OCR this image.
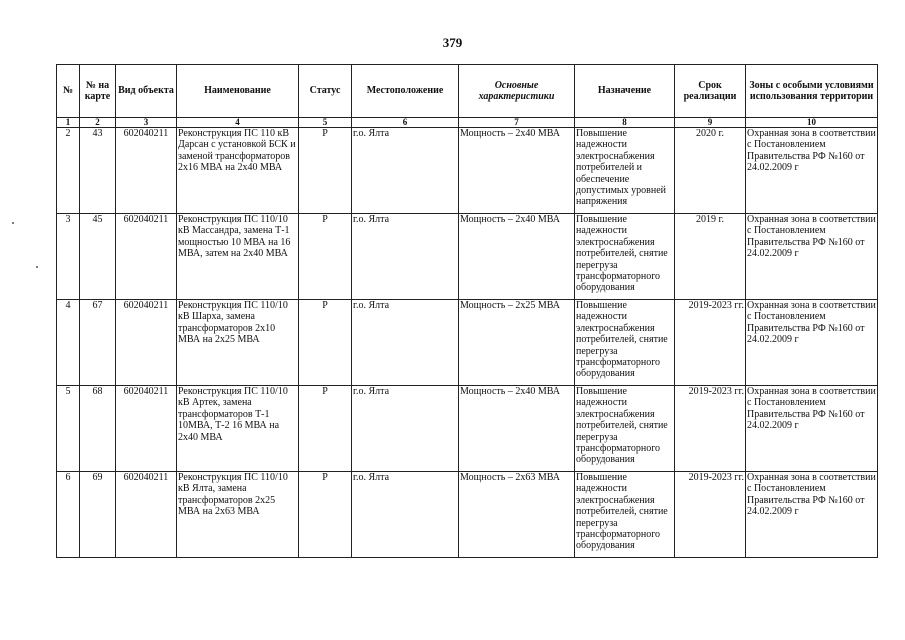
379
№	№ на карте	Вид объекта	Наименование	Статус	Местоположение	Основные характеристики	Назначение	Срок реализации	Зоны с особыми условиями использования территории
1	2	3	4	5	6	7	8	9	10
2	43	602040211	Реконструкция ПС 110 кВ Дарсан с установкой БСК и заменой трансформаторов 2х16 МВА на 2х40 МВА	Р	г.о. Ялта	Мощность – 2х40 МВА	Повышение надежности электроснабжения потребителей и обеспечение допустимых уровней напряжения	2020 г.	Охранная зона в соответствии с Постановлением Правительства РФ №160 от 24.02.2009 г
3	45	602040211	Реконструкция ПС 110/10 кВ Массандра, замена Т-1 мощностью 10 МВА на 16 МВА, затем на 2х40 МВА	Р	г.о. Ялта	Мощность – 2х40 МВА	Повышение надежности электроснабжения потребителей, снятие перегруза трансформаторного оборудования	2019 г.	Охранная зона в соответствии с Постановлением Правительства РФ №160 от 24.02.2009 г
4	67	602040211	Реконструкция ПС 110/10 кВ Шархa, замена трансформаторов 2х10 МВА на 2х25 МВА	Р	г.о. Ялта	Мощность – 2х25 МВА	Повышение надежности электроснабжения потребителей, снятие перегруза трансформаторного оборудования	2019-2023 гг.	Охранная зона в соответствии с Постановлением Правительства РФ №160 от 24.02.2009 г
5	68	602040211	Реконструкция ПС 110/10 кВ Артек, замена трансформаторов Т-1 10МВА, Т-2 16 МВА на 2х40 МВА	Р	г.о. Ялта	Мощность – 2х40 МВА	Повышение надежности электроснабжения потребителей, снятие перегруза трансформаторного оборудования	2019-2023 гг.	Охранная зона в соответствии с Постановлением Правительства РФ №160 от 24.02.2009 г
6	69	602040211	Реконструкция ПС 110/10 кВ Ялта, замена трансформаторов 2х25 МВА на 2х63 МВА	Р	г.о. Ялта	Мощность – 2х63 МВА	Повышение надежности электроснабжения потребителей, снятие перегруза трансформаторного оборудования	2019-2023 гг.	Охранная зона в соответствии с Постановлением Правительства РФ №160 от 24.02.2009 г
